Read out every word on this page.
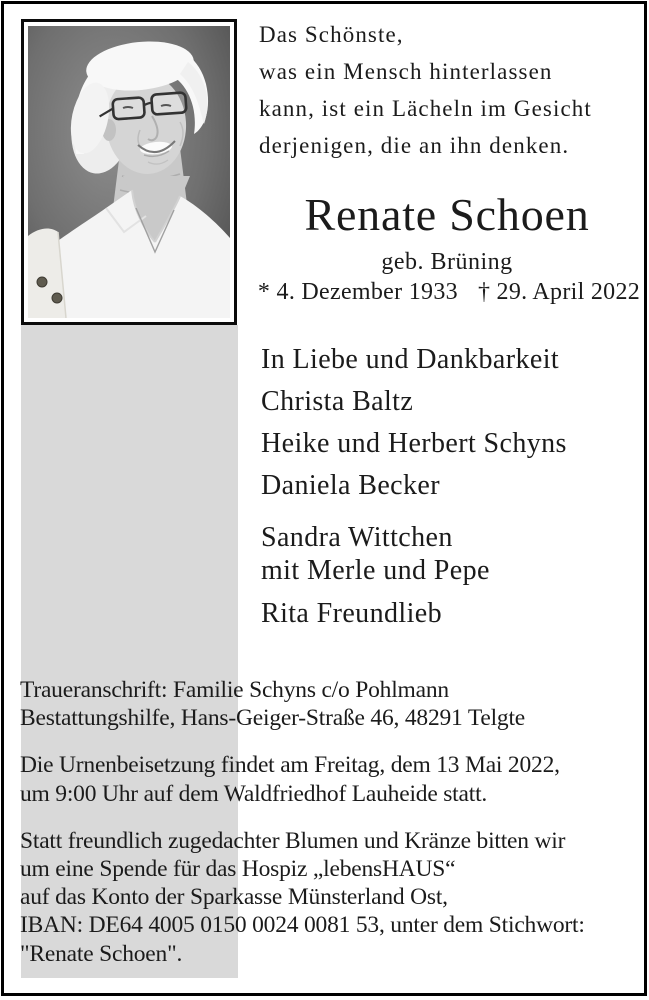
Das Schönste,
was ein Mensch hinterlassen
kann, ist ein Lächeln im Gesicht
derjenigen, die an ihn denken.
Renate Schoen
geb. Brüning
* 4. Dezember 1933 † 29. April 2022
In Liebe und Dankbarkeit
Christa Baltz
Heike und Herbert Schyns
Daniela Becker
Sandra Wittchen
mit Merle und Pepe
Rita Freundlieb

Traueranschrift: Familie Schyns c/o Pohlmann
Bestattungshilfe, Hans-Geiger-Straße 46, 48291 Telgte

Die Urnenbeisetzung findet am Freitag, dem 13 Mai 2022,
um 9:00 Uhr auf dem Waldfriedhof Lauheide statt.

Statt freundlich zugedachter Blumen und Kränze bitten wir
um eine Spende für das Hospiz „lebensHAUS“
auf das Konto der Sparkasse Münsterland Ost,
IBAN: DE64 4005 0150 0024 0081 53, unter dem Stichwort:
"Renate Schoen".
